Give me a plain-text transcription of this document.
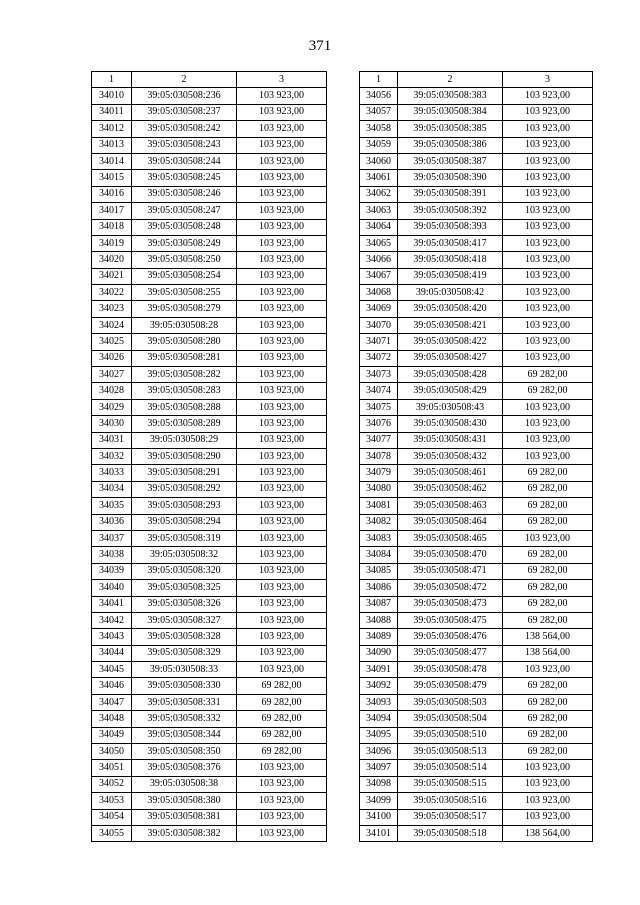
371
1	2	3
34010	39:05:030508:236	103 923,00
34011	39:05:030508:237	103 923,00
34012	39:05:030508:242	103 923,00
34013	39:05:030508:243	103 923,00
34014	39:05:030508:244	103 923,00
34015	39:05:030508:245	103 923,00
34016	39:05:030508:246	103 923,00
34017	39:05:030508:247	103 923,00
34018	39:05:030508:248	103 923,00
34019	39:05:030508:249	103 923,00
34020	39:05:030508:250	103 923,00
34021	39:05:030508:254	103 923,00
34022	39:05:030508:255	103 923,00
34023	39:05:030508:279	103 923,00
34024	39:05:030508:28	103 923,00
34025	39:05:030508:280	103 923,00
34026	39:05:030508:281	103 923,00
34027	39:05:030508:282	103 923,00
34028	39:05:030508:283	103 923,00
34029	39:05:030508:288	103 923,00
34030	39:05:030508:289	103 923,00
34031	39:05:030508:29	103 923,00
34032	39:05:030508:290	103 923,00
34033	39:05:030508:291	103 923,00
34034	39:05:030508:292	103 923,00
34035	39:05:030508:293	103 923,00
34036	39:05:030508:294	103 923,00
34037	39:05:030508:319	103 923,00
34038	39:05:030508:32	103 923,00
34039	39:05:030508:320	103 923,00
34040	39:05:030508:325	103 923,00
34041	39:05:030508:326	103 923,00
34042	39:05:030508:327	103 923,00
34043	39:05:030508:328	103 923,00
34044	39:05:030508:329	103 923,00
34045	39:05:030508:33	103 923,00
34046	39:05:030508:330	69 282,00
34047	39:05:030508:331	69 282,00
34048	39:05:030508:332	69 282,00
34049	39:05:030508:344	69 282,00
34050	39:05:030508:350	69 282,00
34051	39:05:030508:376	103 923,00
34052	39:05:030508:38	103 923,00
34053	39:05:030508:380	103 923,00
34054	39:05:030508:381	103 923,00
34055	39:05:030508:382	103 923,00
1	2	3
34056	39:05:030508:383	103 923,00
34057	39:05:030508:384	103 923,00
34058	39:05:030508:385	103 923,00
34059	39:05:030508:386	103 923,00
34060	39:05:030508:387	103 923,00
34061	39:05:030508:390	103 923,00
34062	39:05:030508:391	103 923,00
34063	39:05:030508:392	103 923,00
34064	39:05:030508:393	103 923,00
34065	39:05:030508:417	103 923,00
34066	39:05:030508:418	103 923,00
34067	39:05:030508:419	103 923,00
34068	39:05:030508:42	103 923,00
34069	39:05:030508:420	103 923,00
34070	39:05:030508:421	103 923,00
34071	39:05:030508:422	103 923,00
34072	39:05:030508:427	103 923,00
34073	39:05:030508:428	69 282,00
34074	39:05:030508:429	69 282,00
34075	39:05:030508:43	103 923,00
34076	39:05:030508:430	103 923,00
34077	39:05:030508:431	103 923,00
34078	39:05:030508:432	103 923,00
34079	39:05:030508:461	69 282,00
34080	39:05:030508:462	69 282,00
34081	39:05:030508:463	69 282,00
34082	39:05:030508:464	69 282,00
34083	39:05:030508:465	103 923,00
34084	39:05:030508:470	69 282,00
34085	39:05:030508:471	69 282,00
34086	39:05:030508:472	69 282,00
34087	39:05:030508:473	69 282,00
34088	39:05:030508:475	69 282,00
34089	39:05:030508:476	138 564,00
34090	39:05:030508:477	138 564,00
34091	39:05:030508:478	103 923,00
34092	39:05:030508:479	69 282,00
34093	39:05:030508:503	69 282,00
34094	39:05:030508:504	69 282,00
34095	39:05:030508:510	69 282,00
34096	39:05:030508:513	69 282,00
34097	39:05:030508:514	103 923,00
34098	39:05:030508:515	103 923,00
34099	39:05:030508:516	103 923,00
34100	39:05:030508:517	103 923,00
34101	39:05:030508:518	138 564,00
